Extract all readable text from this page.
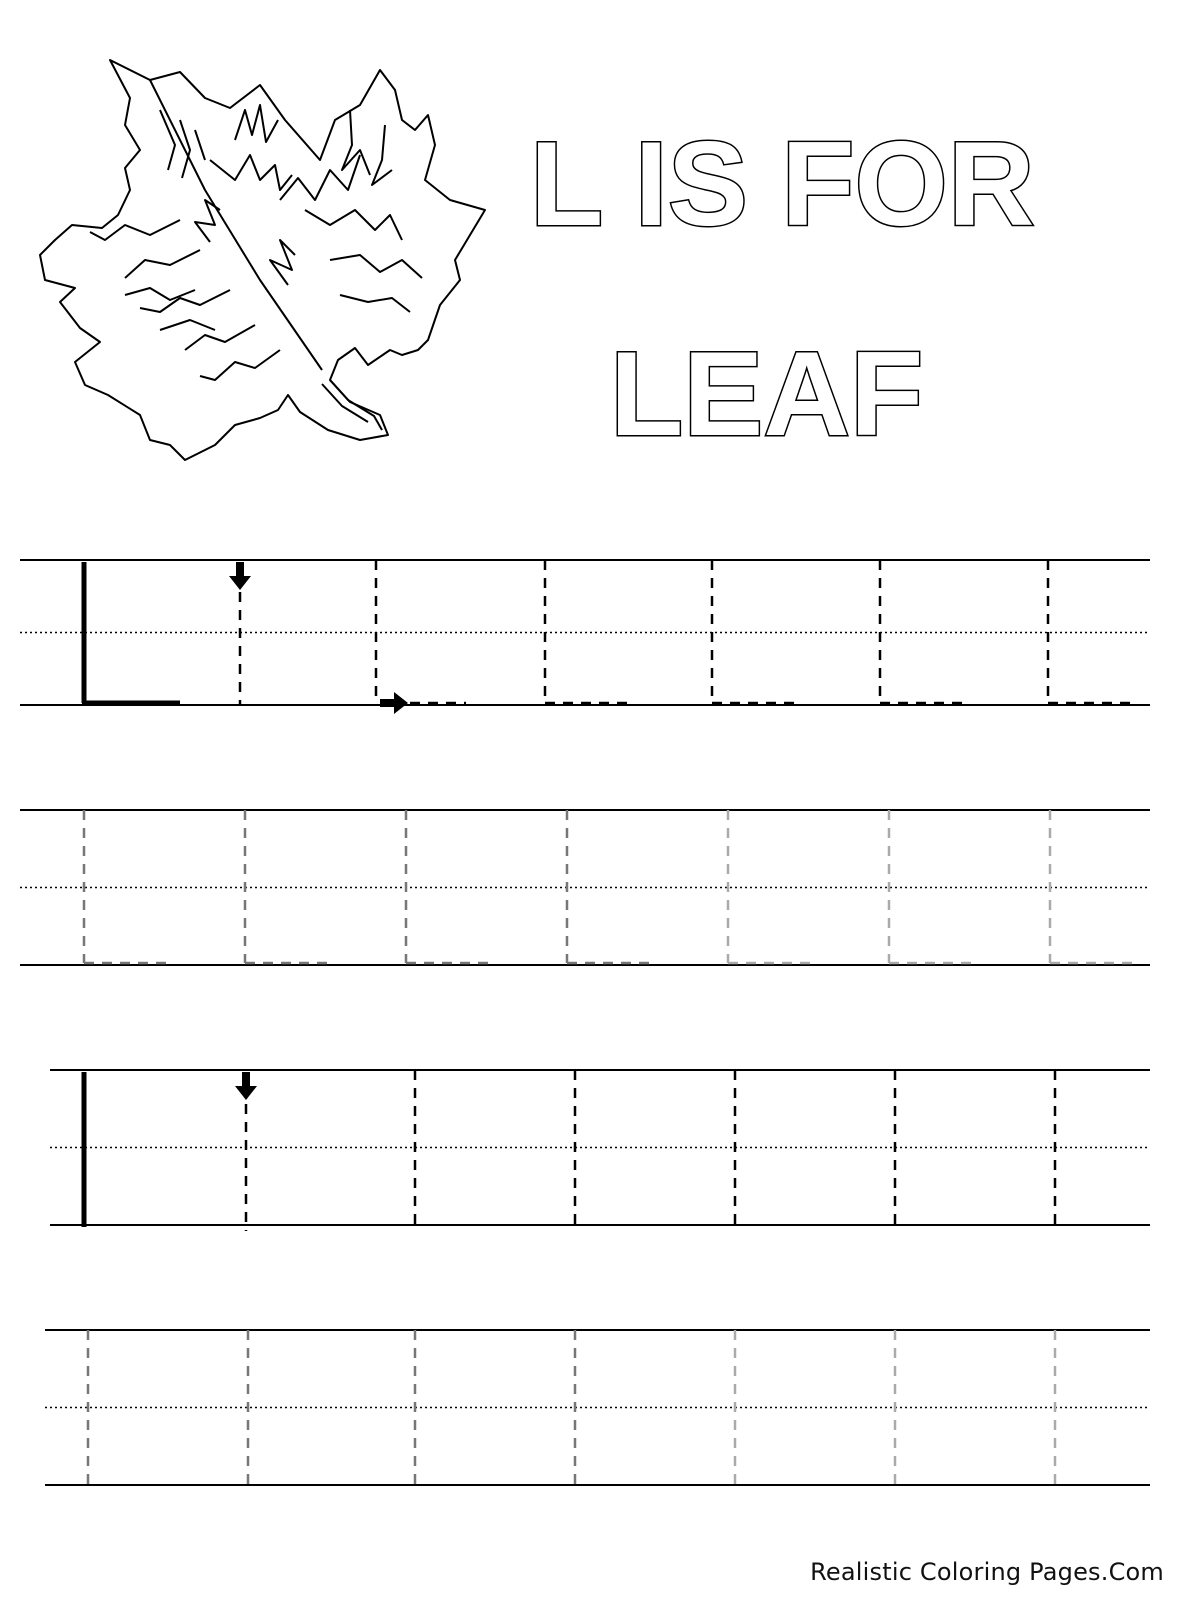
L IS FOR
LEAF
Realistic Coloring Pages.Com
